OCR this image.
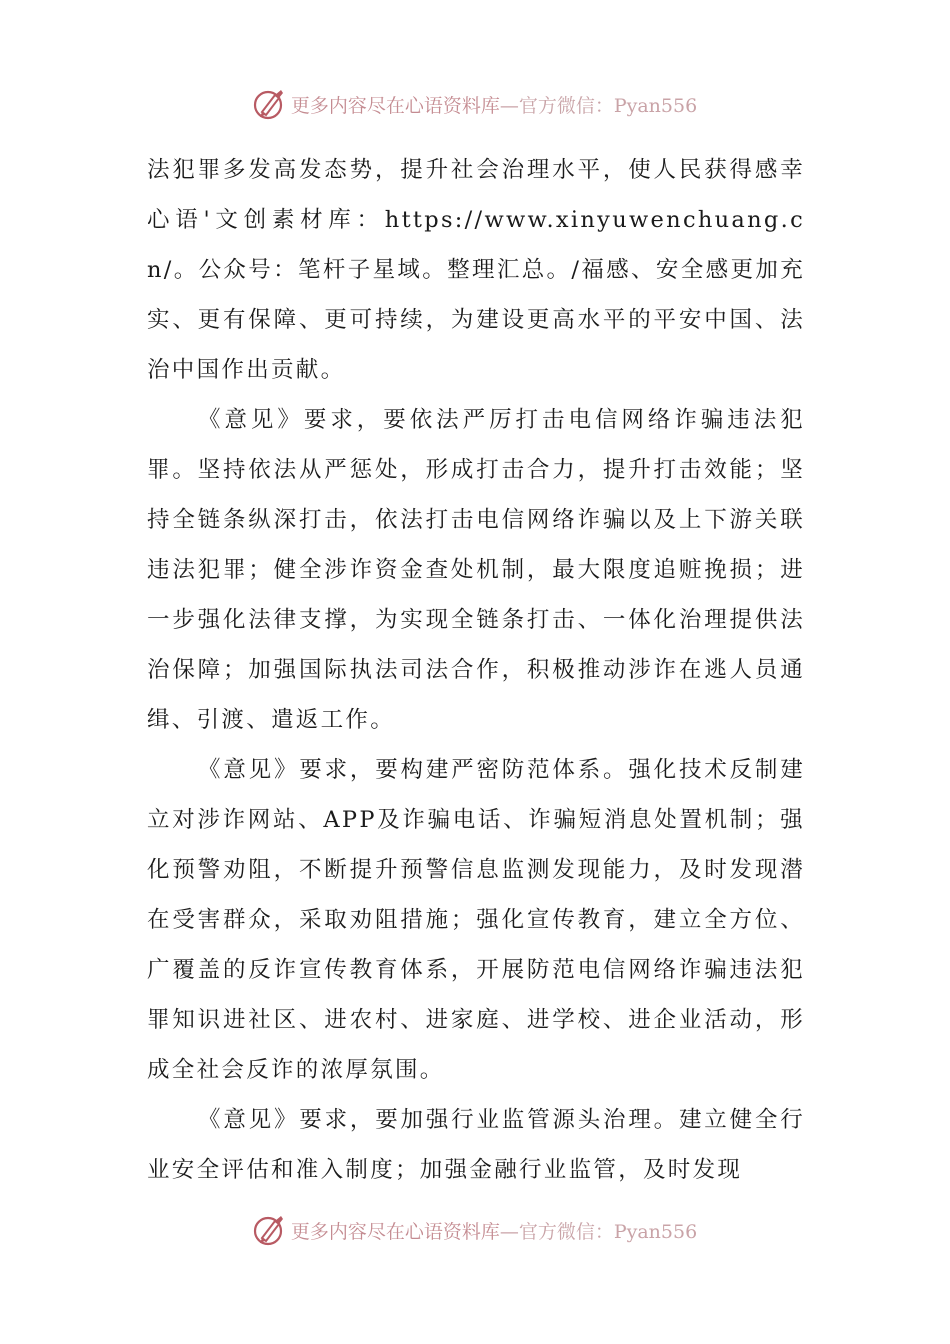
更多内容尽在心语资料库—官方微信：Pyan556

法犯罪多发高发态势，提升社会治理水平，使人民获得感幸心语'文创素材库：https://www.xinyuwenchuang.cn/。公众号：笔杆子星域。整理汇总。/福感、安全感更加充实、更有保障、更可持续，为建设更高水平的平安中国、法治中国作出贡献。

《意见》要求，要依法严厉打击电信网络诈骗违法犯罪。坚持依法从严惩处，形成打击合力，提升打击效能；坚持全链条纵深打击，依法打击电信网络诈骗以及上下游关联违法犯罪；健全涉诈资金查处机制，最大限度追赃挽损；进一步强化法律支撑，为实现全链条打击、一体化治理提供法治保障；加强国际执法司法合作，积极推动涉诈在逃人员通缉、引渡、遣返工作。

《意见》要求，要构建严密防范体系。强化技术反制建立对涉诈网站、APP及诈骗电话、诈骗短消息处置机制；强化预警劝阻，不断提升预警信息监测发现能力，及时发现潜在受害群众，采取劝阻措施；强化宣传教育，建立全方位、广覆盖的反诈宣传教育体系，开展防范电信网络诈骗违法犯罪知识进社区、进农村、进家庭、进学校、进企业活动，形成全社会反诈的浓厚氛围。

《意见》要求，要加强行业监管源头治理。建立健全行业安全评估和准入制度；加强金融行业监管，及时发现

更多内容尽在心语资料库—官方微信：Pyan556
